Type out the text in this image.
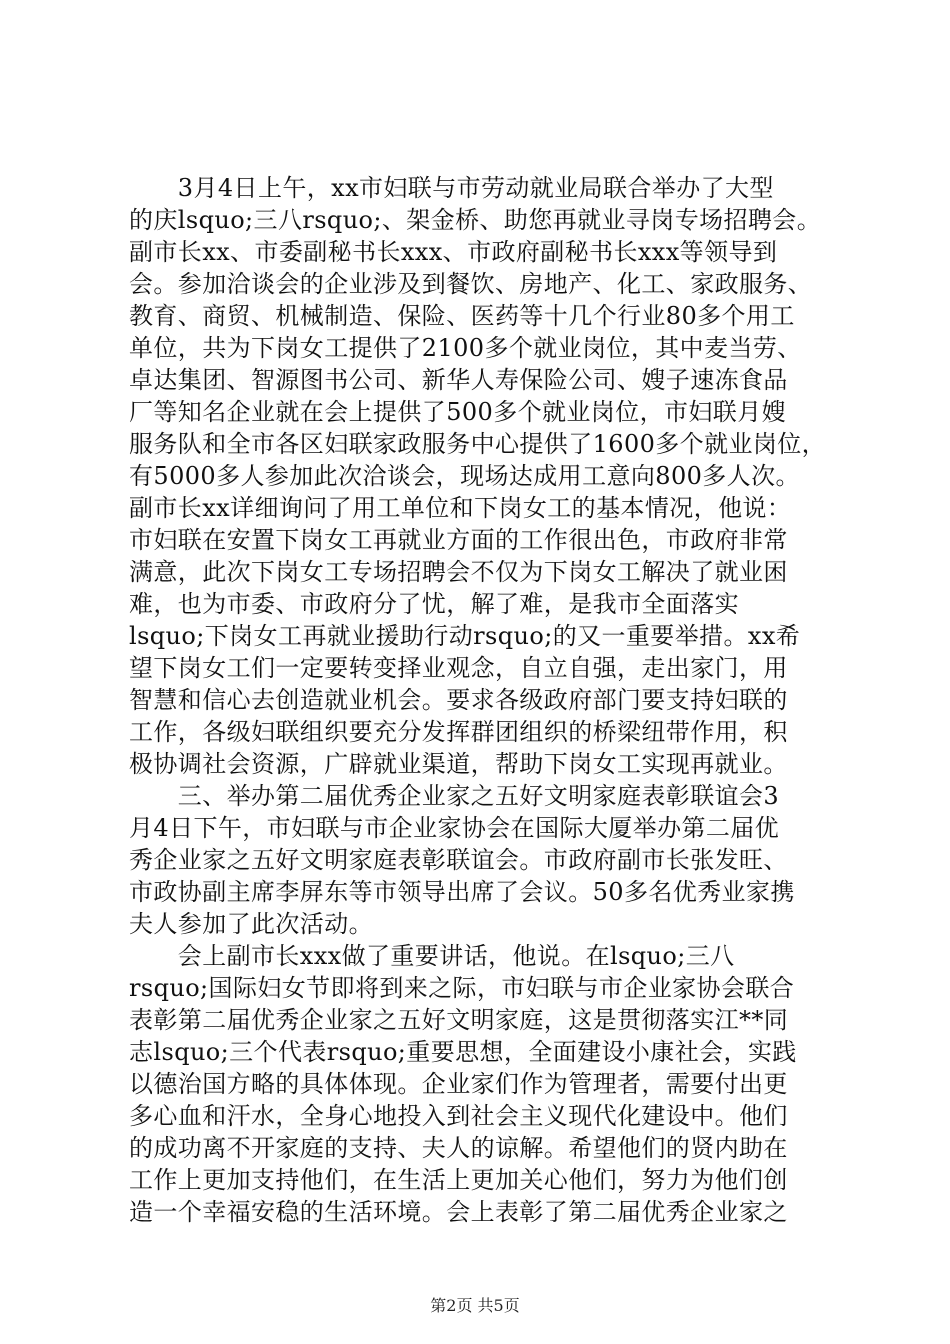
　　3月4日上午，xx市妇联与市劳动就业局联合举办了大型
的庆lsquo;三八rsquo;、架金桥、助您再就业寻岗专场招聘会。
副市长xx、市委副秘书长xxx、市政府副秘书长xxx等领导到
会。参加洽谈会的企业涉及到餐饮、房地产、化工、家政服务、
教育、商贸、机械制造、保险、医药等十几个行业80多个用工
单位，共为下岗女工提供了2100多个就业岗位，其中麦当劳、
卓达集团、智源图书公司、新华人寿保险公司、嫂子速冻食品
厂等知名企业就在会上提供了500多个就业岗位，市妇联月嫂
服务队和全市各区妇联家政服务中心提供了1600多个就业岗位，
有5000多人参加此次洽谈会，现场达成用工意向800多人次。
副市长xx详细询问了用工单位和下岗女工的基本情况，他说：
市妇联在安置下岗女工再就业方面的工作很出色，市政府非常
满意，此次下岗女工专场招聘会不仅为下岗女工解决了就业困
难，也为市委、市政府分了忧，解了难，是我市全面落实
lsquo;下岗女工再就业援助行动rsquo;的又一重要举措。xx希
望下岗女工们一定要转变择业观念，自立自强，走出家门，用
智慧和信心去创造就业机会。要求各级政府部门要支持妇联的
工作，各级妇联组织要充分发挥群团组织的桥梁纽带作用，积
极协调社会资源，广辟就业渠道，帮助下岗女工实现再就业。
　　三、举办第二届优秀企业家之五好文明家庭表彰联谊会3
月4日下午，市妇联与市企业家协会在国际大厦举办第二届优
秀企业家之五好文明家庭表彰联谊会。市政府副市长张发旺、
市政协副主席李屏东等市领导出席了会议。50多名优秀业家携
夫人参加了此次活动。
　　会上副市长xxx做了重要讲话，他说。在lsquo;三八
rsquo;国际妇女节即将到来之际，市妇联与市企业家协会联合
表彰第二届优秀企业家之五好文明家庭，这是贯彻落实江**同
志lsquo;三个代表rsquo;重要思想，全面建设小康社会，实践
以德治国方略的具体体现。企业家们作为管理者，需要付出更
多心血和汗水，全身心地投入到社会主义现代化建设中。他们
的成功离不开家庭的支持、夫人的谅解。希望他们的贤内助在
工作上更加支持他们，在生活上更加关心他们，努力为他们创
造一个幸福安稳的生活环境。会上表彰了第二届优秀企业家之
第2页 共5页
